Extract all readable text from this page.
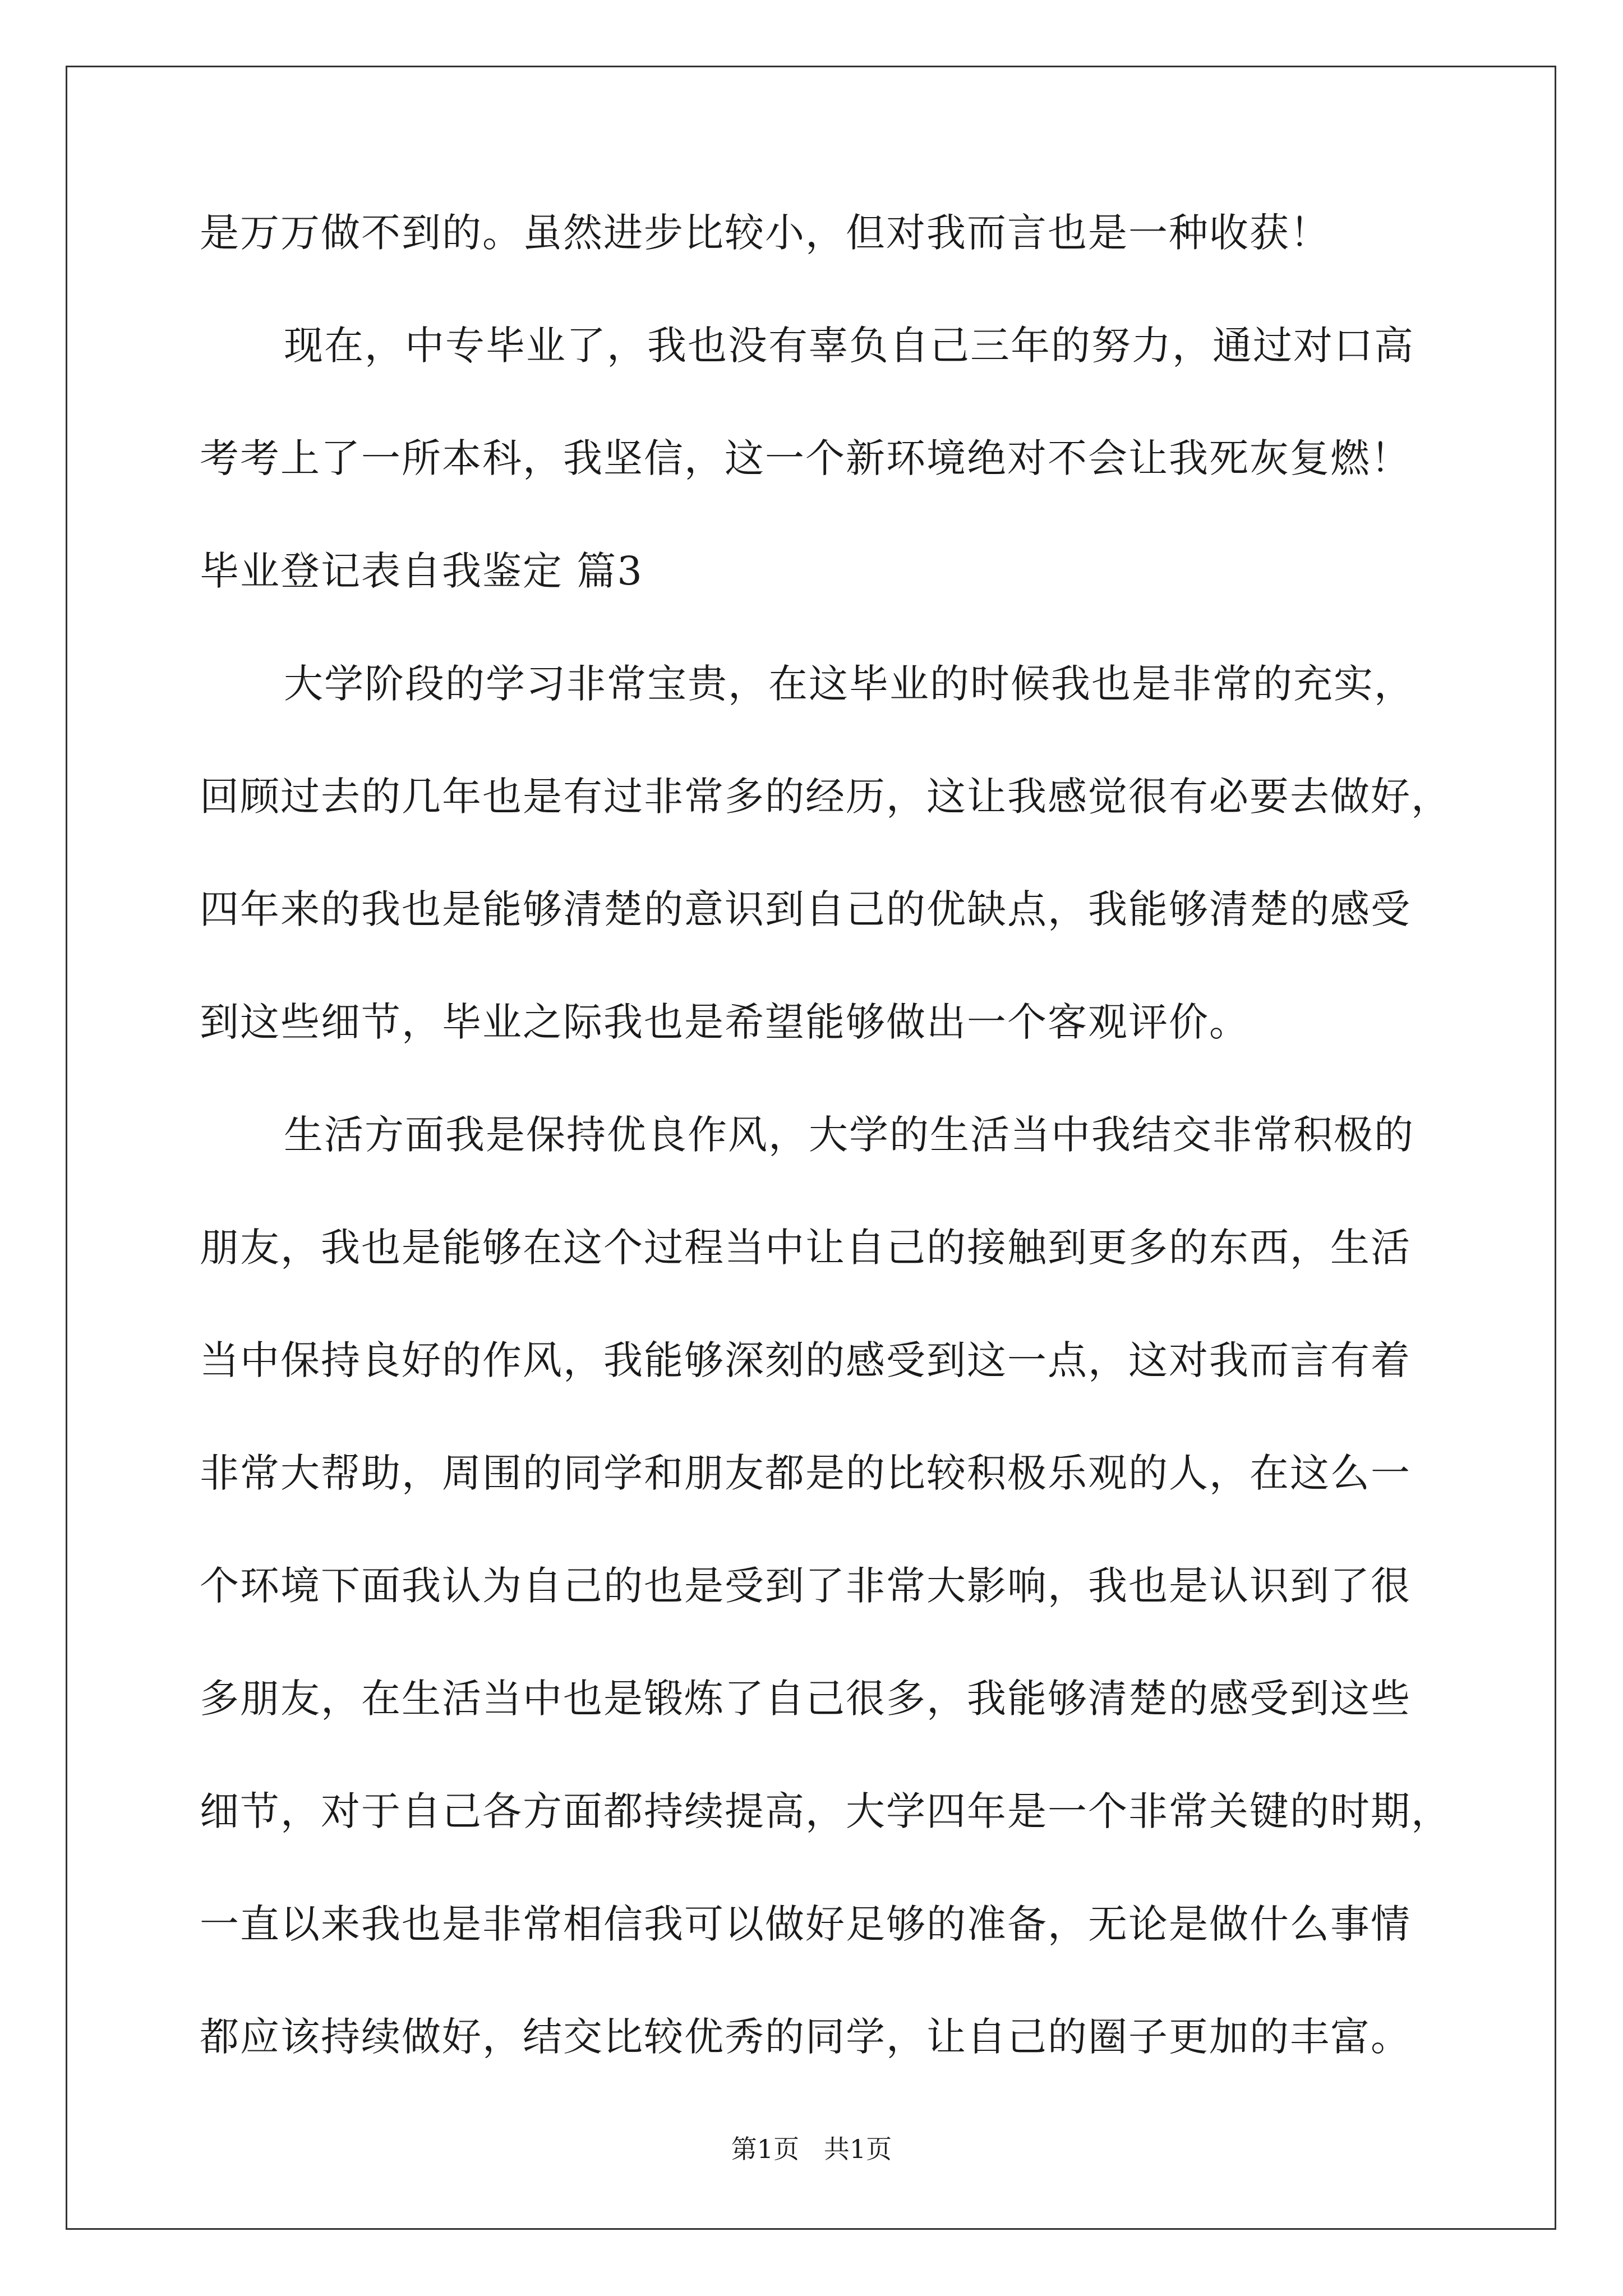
是万万做不到的。虽然进步比较小，但对我而言也是一种收获！
现在，中专毕业了，我也没有辜负自己三年的努力，通过对口高
考考上了一所本科，我坚信，这一个新环境绝对不会让我死灰复燃！
毕业登记表自我鉴定 篇3
大学阶段的学习非常宝贵，在这毕业的时候我也是非常的充实，
回顾过去的几年也是有过非常多的经历，这让我感觉很有必要去做好，
四年来的我也是能够清楚的意识到自己的优缺点，我能够清楚的感受
到这些细节，毕业之际我也是希望能够做出一个客观评价。
生活方面我是保持优良作风，大学的生活当中我结交非常积极的
朋友，我也是能够在这个过程当中让自己的接触到更多的东西，生活
当中保持良好的作风，我能够深刻的感受到这一点，这对我而言有着
非常大帮助，周围的同学和朋友都是的比较积极乐观的人，在这么一
个环境下面我认为自己的也是受到了非常大影响，我也是认识到了很
多朋友，在生活当中也是锻炼了自己很多，我能够清楚的感受到这些
细节，对于自己各方面都持续提高，大学四年是一个非常关键的时期，
一直以来我也是非常相信我可以做好足够的准备，无论是做什么事情
都应该持续做好，结交比较优秀的同学，让自己的圈子更加的丰富。
第1页   共1页
